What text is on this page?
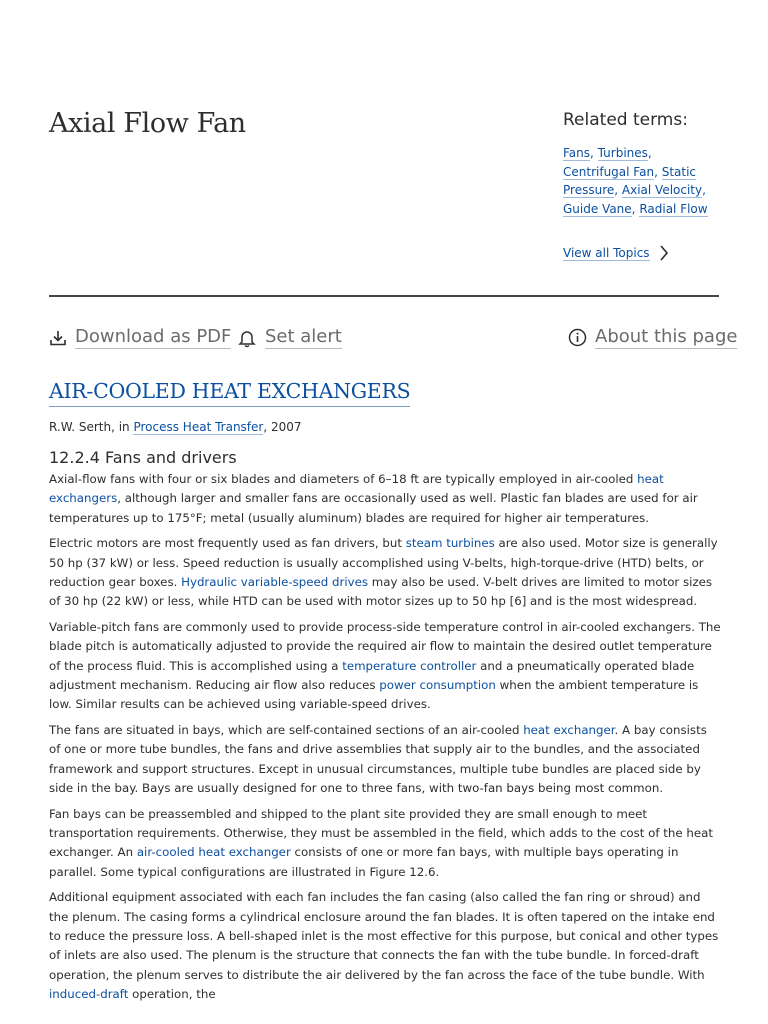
Axial Flow Fan	Related terms:
Fans, Turbines, Centrifugal Fan, Static Pressure, Axial Velocity, Guide Vane, Radial Flow
View all Topics
Download as PDF Set alert	About this page
AIR-COOLED HEAT EXCHANGERS
R.W. Serth, in Process Heat Transfer, 2007
12.2.4 Fans and drivers

Axial-flow fans with four or six blades and diameters of 6–18 ft are typically employed in air-cooled heat exchangers, although larger and smaller fans are occasionally used as well. Plastic fan blades are used for air temperatures up to 175°F; metal (usually aluminum) blades are required for higher air temperatures.

Electric motors are most frequently used as fan drivers, but steam turbines are also used. Motor size is generally 50 hp (37 kW) or less. Speed reduction is usually accomplished using V-belts, high-torque-drive (HTD) belts, or reduction gear boxes. Hydraulic variable-speed drives may also be used. V-belt drives are limited to motor sizes of 30 hp (22 kW) or less, while HTD can be used with motor sizes up to 50 hp [6] and is the most widespread.

Variable-pitch fans are commonly used to provide process-side temperature control in air-cooled exchangers. The blade pitch is automatically adjusted to provide the required air flow to maintain the desired outlet temperature of the process fluid. This is accomplished using a temperature controller and a pneumatically operated blade adjustment mechanism. Reducing air flow also reduces power consumption when the ambient temperature is low. Similar results can be achieved using variable-speed drives.

The fans are situated in bays, which are self-contained sections of an air-cooled heat exchanger. A bay consists of one or more tube bundles, the fans and drive assemblies that supply air to the bundles, and the associated framework and support structures. Except in unusual circumstances, multiple tube bundles are placed side by side in the bay. Bays are usually designed for one to three fans, with two-fan bays being most common.

Fan bays can be preassembled and shipped to the plant site provided they are small enough to meet transportation requirements. Otherwise, they must be assembled in the field, which adds to the cost of the heat exchanger. An air-cooled heat exchanger consists of one or more fan bays, with multiple bays operating in parallel. Some typical configurations are illustrated in Figure 12.6.

Additional equipment associated with each fan includes the fan casing (also called the fan ring or shroud) and the plenum. The casing forms a cylindrical enclosure around the fan blades. It is often tapered on the intake end to reduce the pressure loss. A bell-shaped inlet is the most effective for this purpose, but conical and other types of inlets are also used. The plenum is the structure that connects the fan with the tube bundle. In forced-draft operation, the plenum serves to distribute the air delivered by the fan across the face of the tube bundle. With induced-draft operation, the
